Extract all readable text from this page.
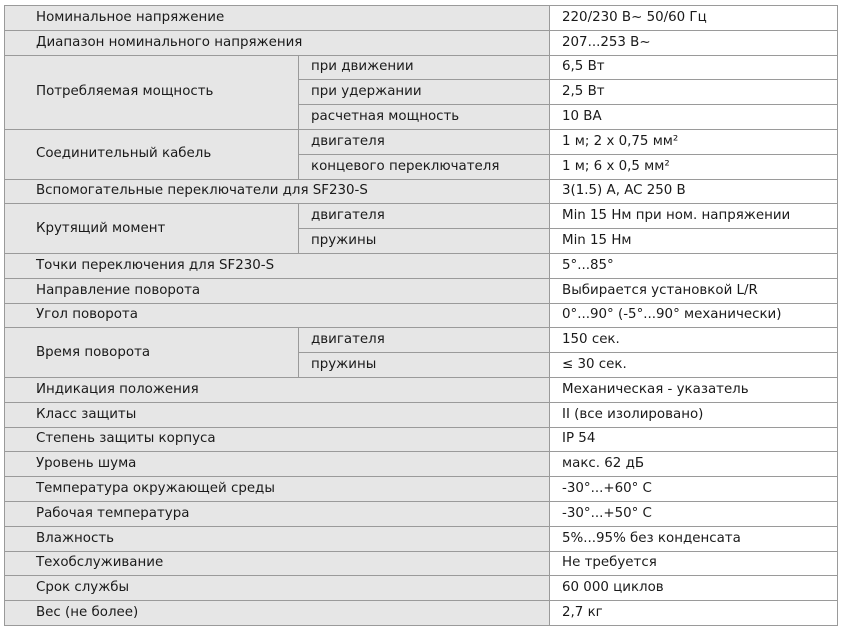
Номинальное напряжение		220/230 В~ 50/60 Гц
Диапазон номинального напряжения		207...253 В~
Потребляемая мощность	при движении	6,5 Вт
	при удержании	2,5 Вт
	расчетная мощность	10 ВА
Соединительный кабель	двигателя	1 м; 2 x 0,75 мм²
	концевого переключателя	1 м; 6 x 0,5 мм²
Вспомогательные переключатели для SF230-S		3(1.5) А, AC 250 В
Крутящий момент	двигателя	Min 15 Нм при ном. напряжении
	пружины	Min 15 Нм
Точки переключения для SF230-S		5°...85°
Направление поворота		Выбирается установкой L/R
Угол поворота		0°...90° (-5°...90° механически)
Время поворота	двигателя	150 сек.
	пружины	≤ 30 сек.
Индикация положения		Механическая - указатель
Класс защиты		II (все изолировано)
Степень защиты корпуса		IP 54
Уровень шума		макс. 62 дБ
Температура окружающей среды		-30°...+60° С
Рабочая температура		-30°...+50° С
Влажность		5%...95% без конденсата
Техобслуживание		Не требуется
Срок службы		60 000 циклов
Вес (не более)		2,7 кг
